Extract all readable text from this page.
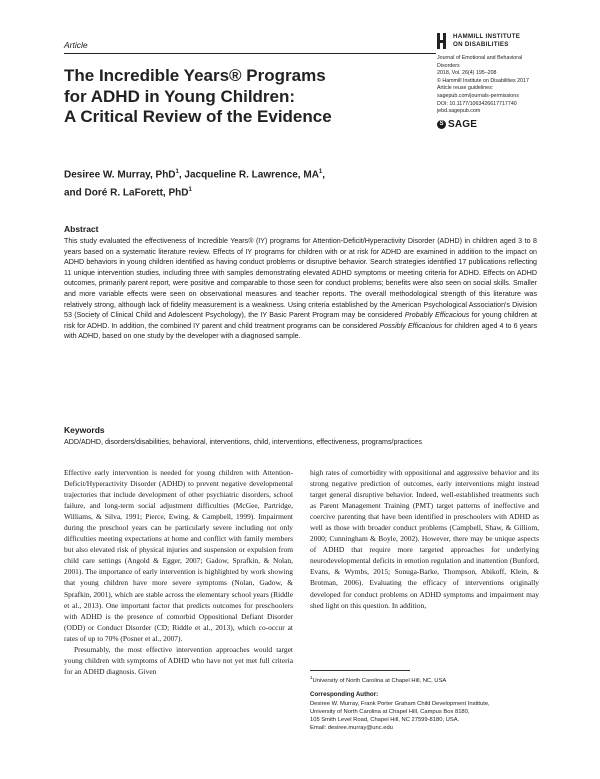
Article
HAMMILL INSTITUTE
ON DISABILITIES
Journal of Emotional and Behavioral
Disorders
2018, Vol. 26(4) 195–208
© Hammill Institute on Disabilities 2017
Article reuse guidelines:
sagepub.com/journals-permissions
DOI: 10.1177/1063426617717740
jebd.sagepub.com
S SAGE
The Incredible Years® Programs
for ADHD in Young Children:
A Critical Review of the Evidence
Desiree W. Murray, PhD$^1$, Jacqueline R. Lawrence, $MA^1$,
and Doré R. LaForett, PhD$^1$
Abstract
This study evaluated the effectiveness of Incredible Years® (IY) programs for Attention-Deficit/Hyperactivity Disorder (ADHD) in children aged 3 to 8 years based on a systematic literature review. Effects of IY programs for children with or at risk for ADHD are examined in addition to the impact on ADHD behaviors in young children identified as having conduct problems or disruptive behavior. Search strategies identified 17 publications reflecting 11 unique intervention studies, including three with samples demonstrating elevated ADHD symptoms or meeting criteria for ADHD. Effects on ADHD outcomes, primarily parent report, were positive and comparable to those seen for conduct problems; benefits were also seen on social skills. Smaller and more variable effects were seen on observational measures and teacher reports. The overall methodological strength of this literature was relatively strong, although lack of fidelity measurement is a weakness. Using criteria established by the American Psychological Association's Division 53 (Society of Clinical Child and Adolescent Psychology), the IY Basic Parent Program may be considered Probably Efficacious for young children at risk for ADHD. In addition, the combined IY parent and child treatment programs can be considered Possibly Efficacious for children aged 4 to 6 years with ADHD, based on one study by the developer with a diagnosed sample.
Keywords
ADD/ADHD, disorders/disabilities, behavioral, interventions, child, interventions, effectiveness, programs/practices

Effective early intervention is needed for young children with Attention-Deficit/Hyperactivity Disorder (ADHD) to prevent negative developmental trajectories that include development of other psychiatric disorders, school failure, and long-term social adjustment difficulties (McGee, Partridge, Williams, & Silva, 1991; Pierce, Ewing, & Campbell, 1999). Impairment during the preschool years can be particularly severe including not only difficulties meeting expectations at home and conflict with family members but also elevated risk of physical injuries and suspension or expulsion from child care settings (Angold & Egger, 2007; Gadow, Sprafkin, & Nolan, 2001). The importance of early intervention is highlighted by work showing that young children have more severe symptoms (Nolan, Gadow, & Sprafkin, 2001), which are stable across the elementary school years (Riddle et al., 2013). One important factor that predicts outcomes for preschoolers with ADHD is the presence of comorbid Oppositional Defiant Disorder (ODD) or Conduct Disorder (CD; Riddle et al., 2013), which co-occur at rates of up to 70% (Posner et al., 2007).

Presumably, the most effective intervention approaches would target young children with symptoms of ADHD who have not yet met full criteria for an ADHD diagnosis. Given

high rates of comorbidity with oppositional and aggressive behavior and its strong negative prediction of outcomes, early interventions might instead target general disruptive behavior. Indeed, well-established treatments such as Parent Management Training (PMT) target patterns of ineffective and coercive parenting that have been identified in preschoolers with ADHD as well as those with broader conduct problems (Campbell, Shaw, & Gilliom, 2000; Cunningham & Boyle, 2002). However, there may be unique aspects of ADHD that require more targeted approaches for underlying neurodevelopmental deficits in emotion regulation and inattention (Bunford, Evans, & Wymbs, 2015; Sonuga-Barke, Thompson, Abikoff, Klein, & Brotman, 2006). Evaluating the efficacy of interventions originally developed for conduct problems on ADHD symptoms and impairment may shed light on this question. In addition,

$^1$University of North Carolina at Chapel Hill, NC, USA
Corresponding Author:
Desiree W. Murray, Frank Porter Graham Child Development Institute,
University of North Carolina at Chapel Hill, Campus Box 8180,
105 Smith Level Road, Chapel Hill, NC 27599-8180, USA.
Email: desiree.murray@unc.edu
